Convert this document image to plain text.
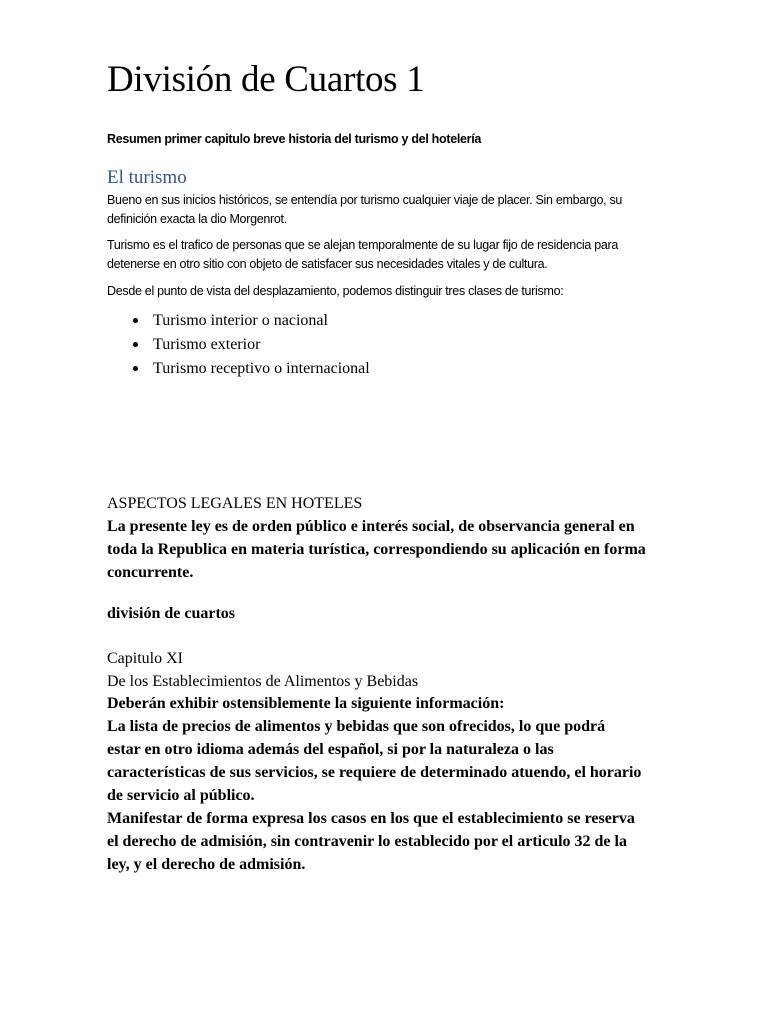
División de Cuartos 1

Resumen primer capitulo breve historia del turismo y del hotelería

El turismo

Bueno en sus inicios históricos, se entendía por turismo cualquier viaje de placer. Sin embargo, su
definición exacta la dio Morgenrot.

Turismo es el trafico de personas que se alejan temporalmente de su lugar fijo de residencia para
detenerse en otro sitio con objeto de satisfacer sus necesidades vitales y de cultura.

Desde el punto de vista del desplazamiento, podemos distinguir tres clases de turismo:

Turismo interior o nacional
Turismo exterior
Turismo receptivo o internacional

ASPECTOS LEGALES EN HOTELES

La presente ley es de orden público e interés social, de observancia general en
toda la Republica en materia turística, correspondiendo su aplicación en forma
concurrente.

división de cuartos

Capitulo XI

De los Establecimientos de Alimentos y Bebidas

Deberán exhibir ostensiblemente la siguiente información:
La lista de precios de alimentos y bebidas que son ofrecidos, lo que podrá
estar en otro idioma además del español, si por la naturaleza o las
características de sus servicios, se requiere de determinado atuendo, el horario
de servicio al público.
Manifestar de forma expresa los casos en los que el establecimiento se reserva
el derecho de admisión, sin contravenir lo establecido por el articulo 32 de la
ley, y el derecho de admisión.
